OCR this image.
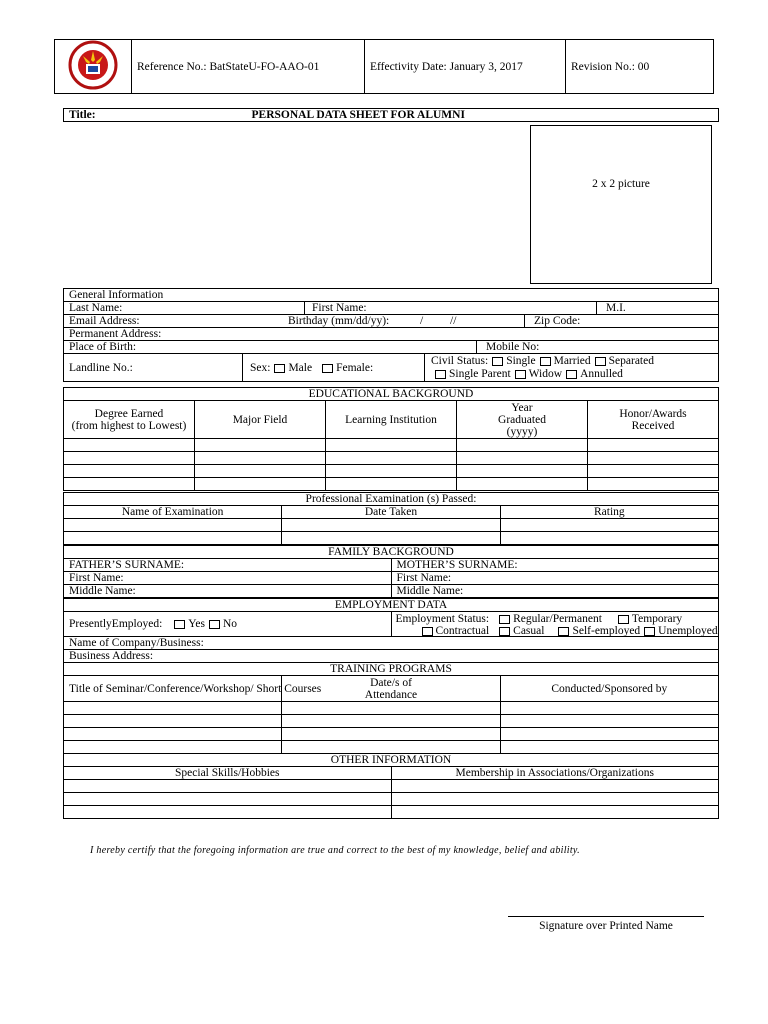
	Reference No.: BatStateU-FO-AAO-01	Effectivity Date: January 3, 2017	Revision No.: 00
Title:	PERSONAL DATA SHEET FOR ALUMNI
2 x 2 picture
General Information
Last Name:	First Name:	M.I.

Email Address:	Birthday (mm/dd/yy):	/ //	Zip Code:

Permanent Address:
Place of Birth:	Mobile No:

Landline No.:	Sex: Male Female:
Civil Status: Single Married Separated
Single Parent Widow Annulled
EDUCATIONAL BACKGROUND				
Degree Earned
(from highest to Lowest)	Major Field	Learning Institution	Year
Graduated
(yyyy)	Honor/Awards
Received

Professional Examination (s) Passed:		
Name of Examination	Date Taken	Rating

FAMILY BACKGROUND	
FATHER’S SURNAME:	MOTHER’S SURNAME:
First Name:	First Name:
Middle Name:	Middle Name:
EMPLOYMENT DATA
PresentlyEmployed: Yes No	Employment Status: Regular/Permanent	Temporary
Contractual Casual Self-employed Unemployed

Name of Company/Business:
Business Address:
TRAINING PROGRAMS		
Title of Seminar/Conference/Workshop/ Short Courses	Date/s of
Attendance	Conducted/Sponsored by

OTHER INFORMATION	
Special Skills/Hobbies	Membership in Associations/Organizations

I hereby certify that the foregoing information are true and correct to the best of my knowledge, belief and ability.
Signature over Printed Name
